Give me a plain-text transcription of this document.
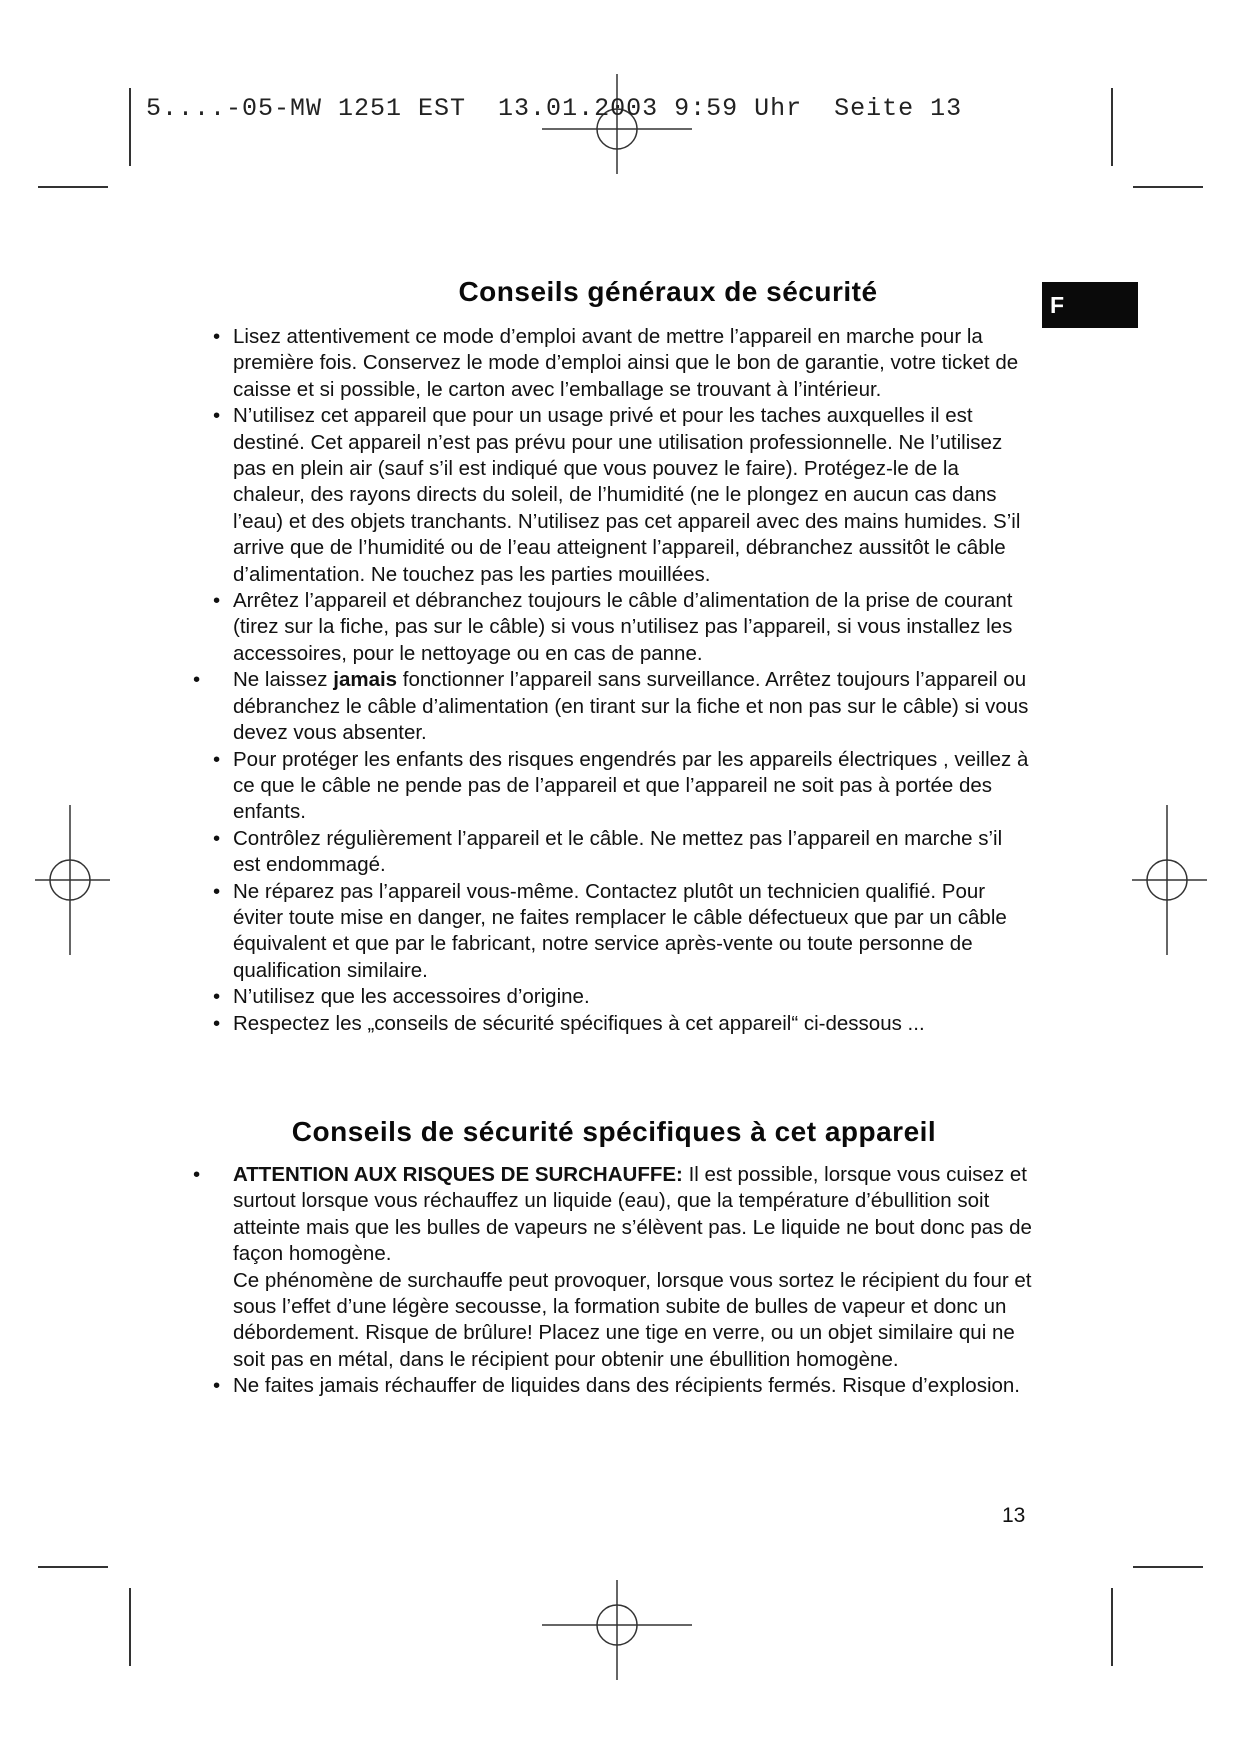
5....-05-MW 1251 EST  13.01.2003 9:59 Uhr  Seite 13
F
Conseils généraux de sécurité
• Lisez attentivement ce mode d’emploi avant de mettre l’appareil en marche pour la première fois. Conservez le mode d’emploi ainsi que le bon de garantie, votre ticket de caisse et si possible, le carton avec l’emballage se trouvant à l’intérieur.
• N’utilisez cet appareil que pour un usage privé et pour les taches auxquelles il est destiné. Cet appareil n’est pas prévu pour une utilisation professionnelle. Ne l’utilisez pas en plein air (sauf s’il est indiqué que vous pouvez le faire). Protégez-le de la chaleur, des rayons directs du soleil, de l’humidité (ne le plongez en aucun cas dans l’eau) et des objets tranchants. N’utilisez pas cet appareil avec des mains humides. S’il arrive que de l’humidité ou de l’eau atteignent l’appareil, débranchez aussitôt le câble d’alimentation. Ne touchez pas les parties mouillées.
• Arrêtez l’appareil et débranchez toujours le câble d’alimentation de la prise de courant (tirez sur la fiche, pas sur le câble) si vous n’utilisez pas l’appareil, si vous installez les accessoires, pour le nettoyage ou en cas de panne.
• Ne laissez jamais fonctionner l’appareil sans surveillance. Arrêtez toujours l’appareil ou débranchez le câble d’alimentation (en tirant sur la fiche et non pas sur le câble) si vous devez vous absenter.
• Pour protéger les enfants des risques engendrés par les appareils électriques , veillez à ce que le câble ne pende pas de l’appareil et que l’appareil ne soit pas à portée des enfants.
• Contrôlez régulièrement l’appareil et le câble. Ne mettez pas l’appareil en marche s’il est endommagé.
• Ne réparez pas l’appareil vous-même. Contactez plutôt un technicien qualifié. Pour éviter toute mise en danger, ne faites remplacer le câble défectueux que par un câble équivalent et que par le fabricant, notre service après-vente ou toute personne de qualification similaire.
• N’utilisez que les accessoires d’origine.
• Respectez les „conseils de sécurité spécifiques à cet appareil“ ci-dessous ...
Conseils de sécurité spécifiques à cet appareil
• ATTENTION AUX RISQUES DE SURCHAUFFE: Il est possible, lorsque vous cuisez et surtout lorsque vous réchauffez un liquide (eau), que la température d’ébullition soit atteinte mais que les bulles de vapeurs ne s’élèvent pas. Le liquide ne bout donc pas de façon homogène.
Ce phénomène de surchauffe peut provoquer, lorsque vous sortez le récipient du four et sous l’effet d’une légère secousse, la formation subite de bulles de vapeur et donc un débordement. Risque de brûlure! Placez une tige en verre, ou un objet similaire qui ne soit pas en métal, dans le récipient pour obtenir une ébullition homogène.
• Ne faites jamais réchauffer de liquides dans des récipients fermés. Risque d’explosion.
13
